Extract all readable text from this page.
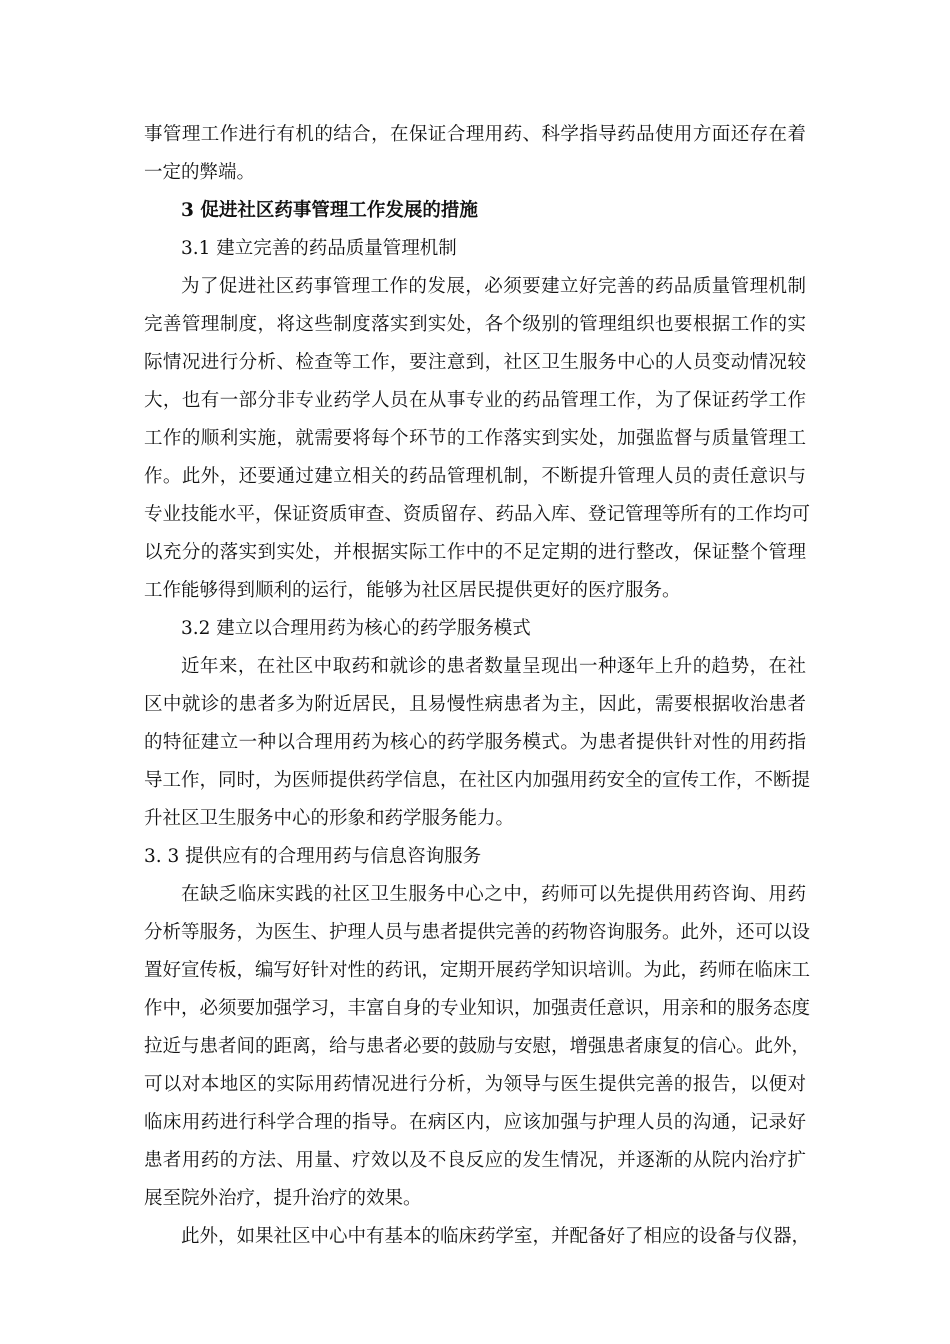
事管理工作进行有机的结合，在保证合理用药、科学指导药品使用方面还存在着
一定的弊端。
3 促进社区药事管理工作发展的措施
3.1 建立完善的药品质量管理机制
为了促进社区药事管理工作的发展，必须要建立好完善的药品质量管理机制
完善管理制度，将这些制度落实到实处，各个级别的管理组织也要根据工作的实
际情况进行分析、检查等工作，要注意到，社区卫生服务中心的人员变动情况较
大，也有一部分非专业药学人员在从事专业的药品管理工作，为了保证药学工作
工作的顺利实施，就需要将每个环节的工作落实到实处，加强监督与质量管理工
作。此外，还要通过建立相关的药品管理机制，不断提升管理人员的责任意识与
专业技能水平，保证资质审查、资质留存、药品入库、登记管理等所有的工作均可
以充分的落实到实处，并根据实际工作中的不足定期的进行整改，保证整个管理
工作能够得到顺利的运行，能够为社区居民提供更好的医疗服务。
3.2 建立以合理用药为核心的药学服务模式
近年来，在社区中取药和就诊的患者数量呈现出一种逐年上升的趋势，在社
区中就诊的患者多为附近居民，且易慢性病患者为主，因此，需要根据收治患者
的特征建立一种以合理用药为核心的药学服务模式。为患者提供针对性的用药指
导工作，同时，为医师提供药学信息，在社区内加强用药安全的宣传工作，不断提
升社区卫生服务中心的形象和药学服务能力。
3. 3 提供应有的合理用药与信息咨询服务
在缺乏临床实践的社区卫生服务中心之中，药师可以先提供用药咨询、用药
分析等服务，为医生、护理人员与患者提供完善的药物咨询服务。此外，还可以设
置好宣传板，编写好针对性的药讯，定期开展药学知识培训。为此，药师在临床工
作中，必须要加强学习，丰富自身的专业知识，加强责任意识，用亲和的服务态度
拉近与患者间的距离，给与患者必要的鼓励与安慰，增强患者康复的信心。此外，
可以对本地区的实际用药情况进行分析，为领导与医生提供完善的报告，以便对
临床用药进行科学合理的指导。在病区内，应该加强与护理人员的沟通，记录好
患者用药的方法、用量、疗效以及不良反应的发生情况，并逐渐的从院内治疗扩
展至院外治疗，提升治疗的效果。
此外，如果社区中心中有基本的临床药学室，并配备好了相应的设备与仪器，
